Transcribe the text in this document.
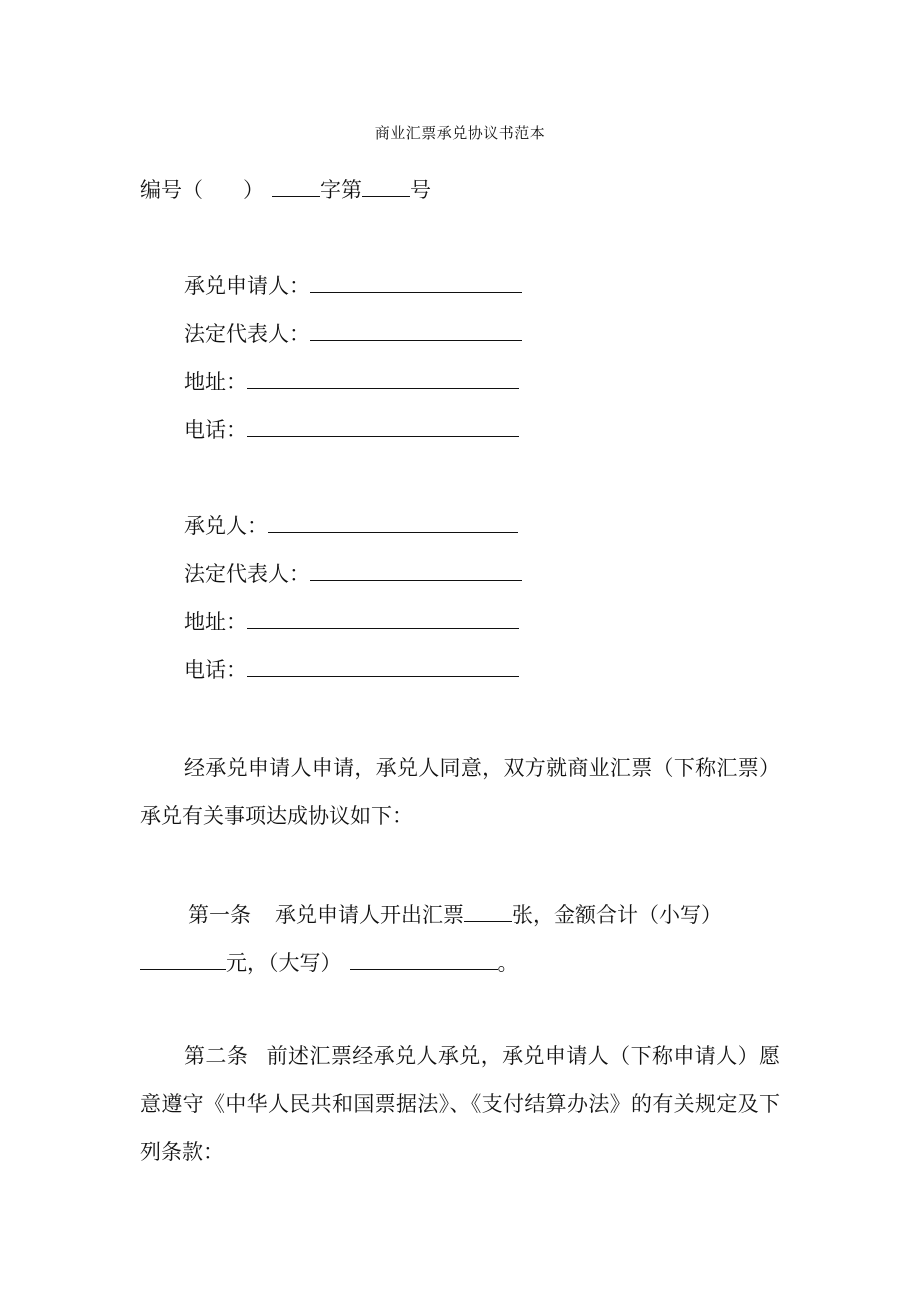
商业汇票承兑协议书范本
编号（ ）	字第 号
承兑申请人：
法定代表人：
地址：
电话：
承兑人：
法定代表人：
地址：
电话：
经承兑申请人申请，承兑人同意，双方就商业汇票（下称汇票）承兑有关事项达成协议如下：
第一条 承兑申请人开出汇票 张，金额合计（小写）
元，（大写）	。
第二条 前述汇票经承兑人承兑，承兑申请人（下称申请人）愿意遵守《中华人民共和国票据法》、《支付结算办法》的有关规定及下列条款：
